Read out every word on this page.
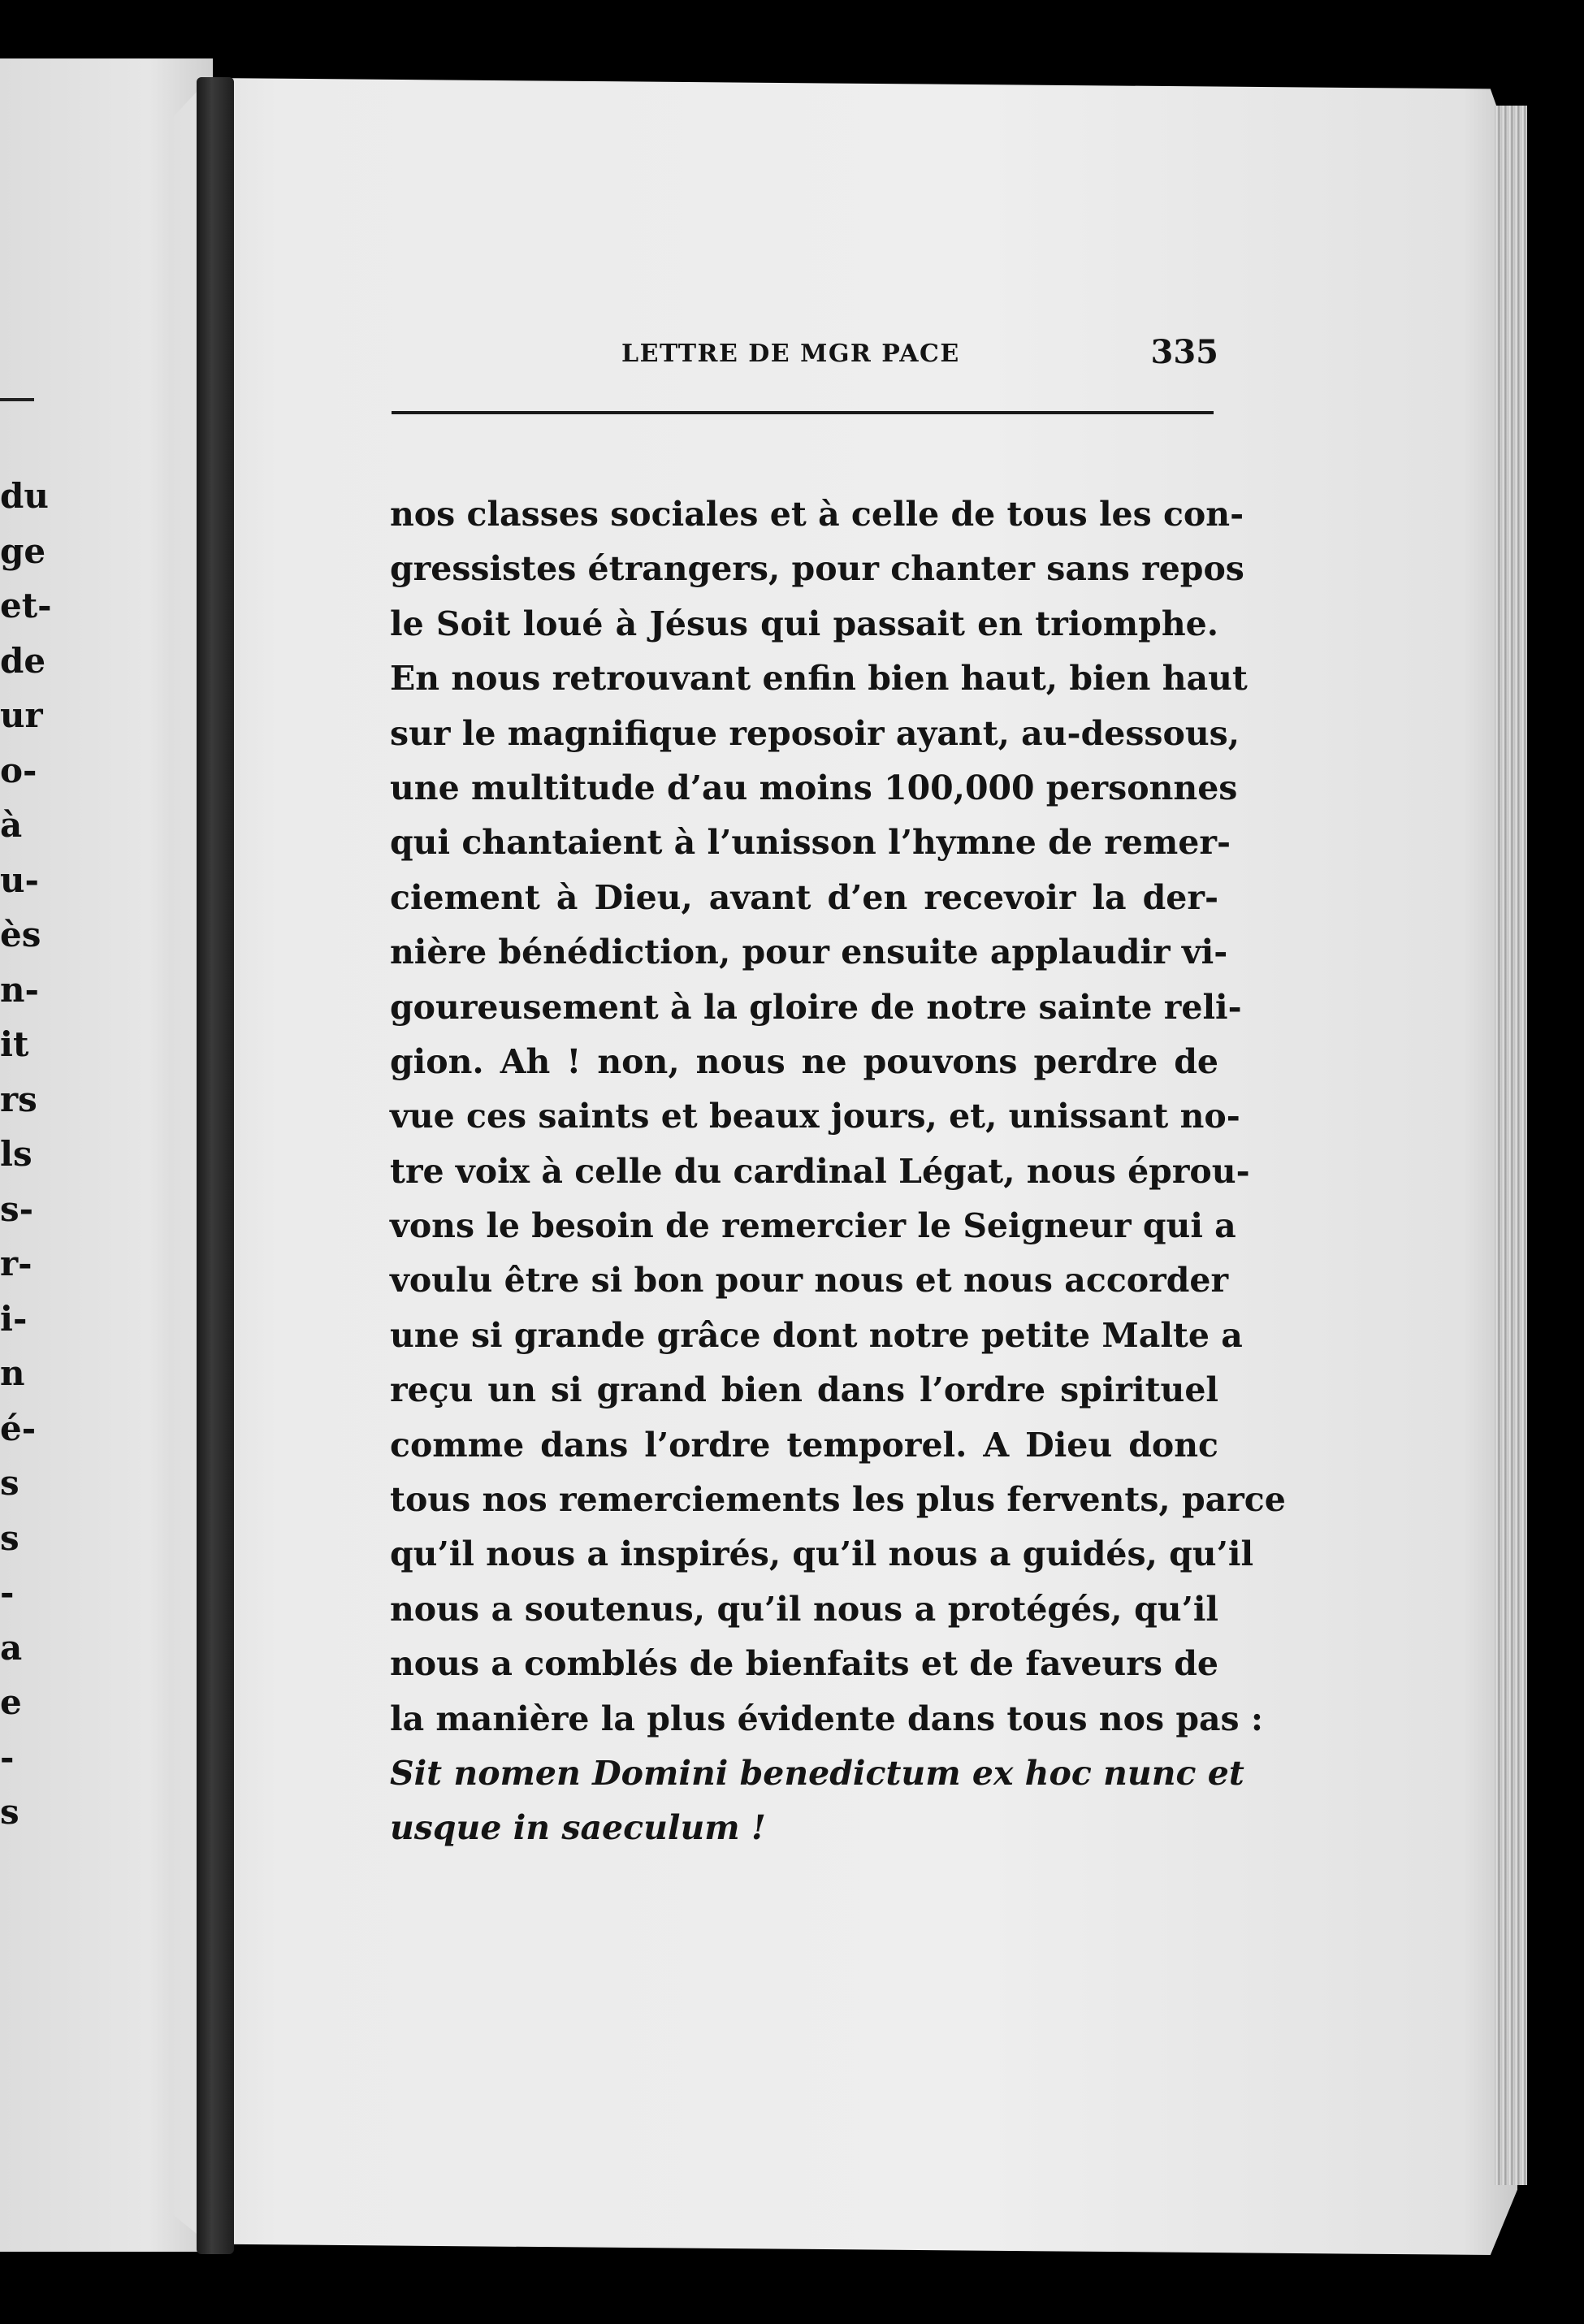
du
ge
et-
de
ur
o-
à
u-
ès
n-
it
rs
ls
s-
r-
i-
n
é-
s
s
-
a
e
-
s
LETTRE DE MGR PACE	335
nos classes sociales et à celle de tous les con-
gressistes étrangers, pour chanter sans repos
le Soit loué à Jésus qui passait en triomphe.
En nous retrouvant enfin bien haut, bien haut
sur le magnifique reposoir ayant, au-dessous,
une multitude d’au moins 100,000 personnes
qui chantaient à l’unisson l’hymne de remer-
ciement à Dieu, avant d’en recevoir la der-
nière bénédiction, pour ensuite applaudir vi-
goureusement à la gloire de notre sainte reli-
gion. Ah ! non, nous ne pouvons perdre de
vue ces saints et beaux jours, et, unissant no-
tre voix à celle du cardinal Légat, nous éprou-
vons le besoin de remercier le Seigneur qui a
voulu être si bon pour nous et nous accorder
une si grande grâce dont notre petite Malte a
reçu un si grand bien dans l’ordre spirituel
comme dans l’ordre temporel. A Dieu donc
tous nos remerciements les plus fervents, parce
qu’il nous a inspirés, qu’il nous a guidés, qu’il
nous a soutenus, qu’il nous a protégés, qu’il
nous a comblés de bienfaits et de faveurs de
la manière la plus évidente dans tous nos pas :
Sit nomen Domini benedictum ex hoc nunc et
usque in saeculum !
